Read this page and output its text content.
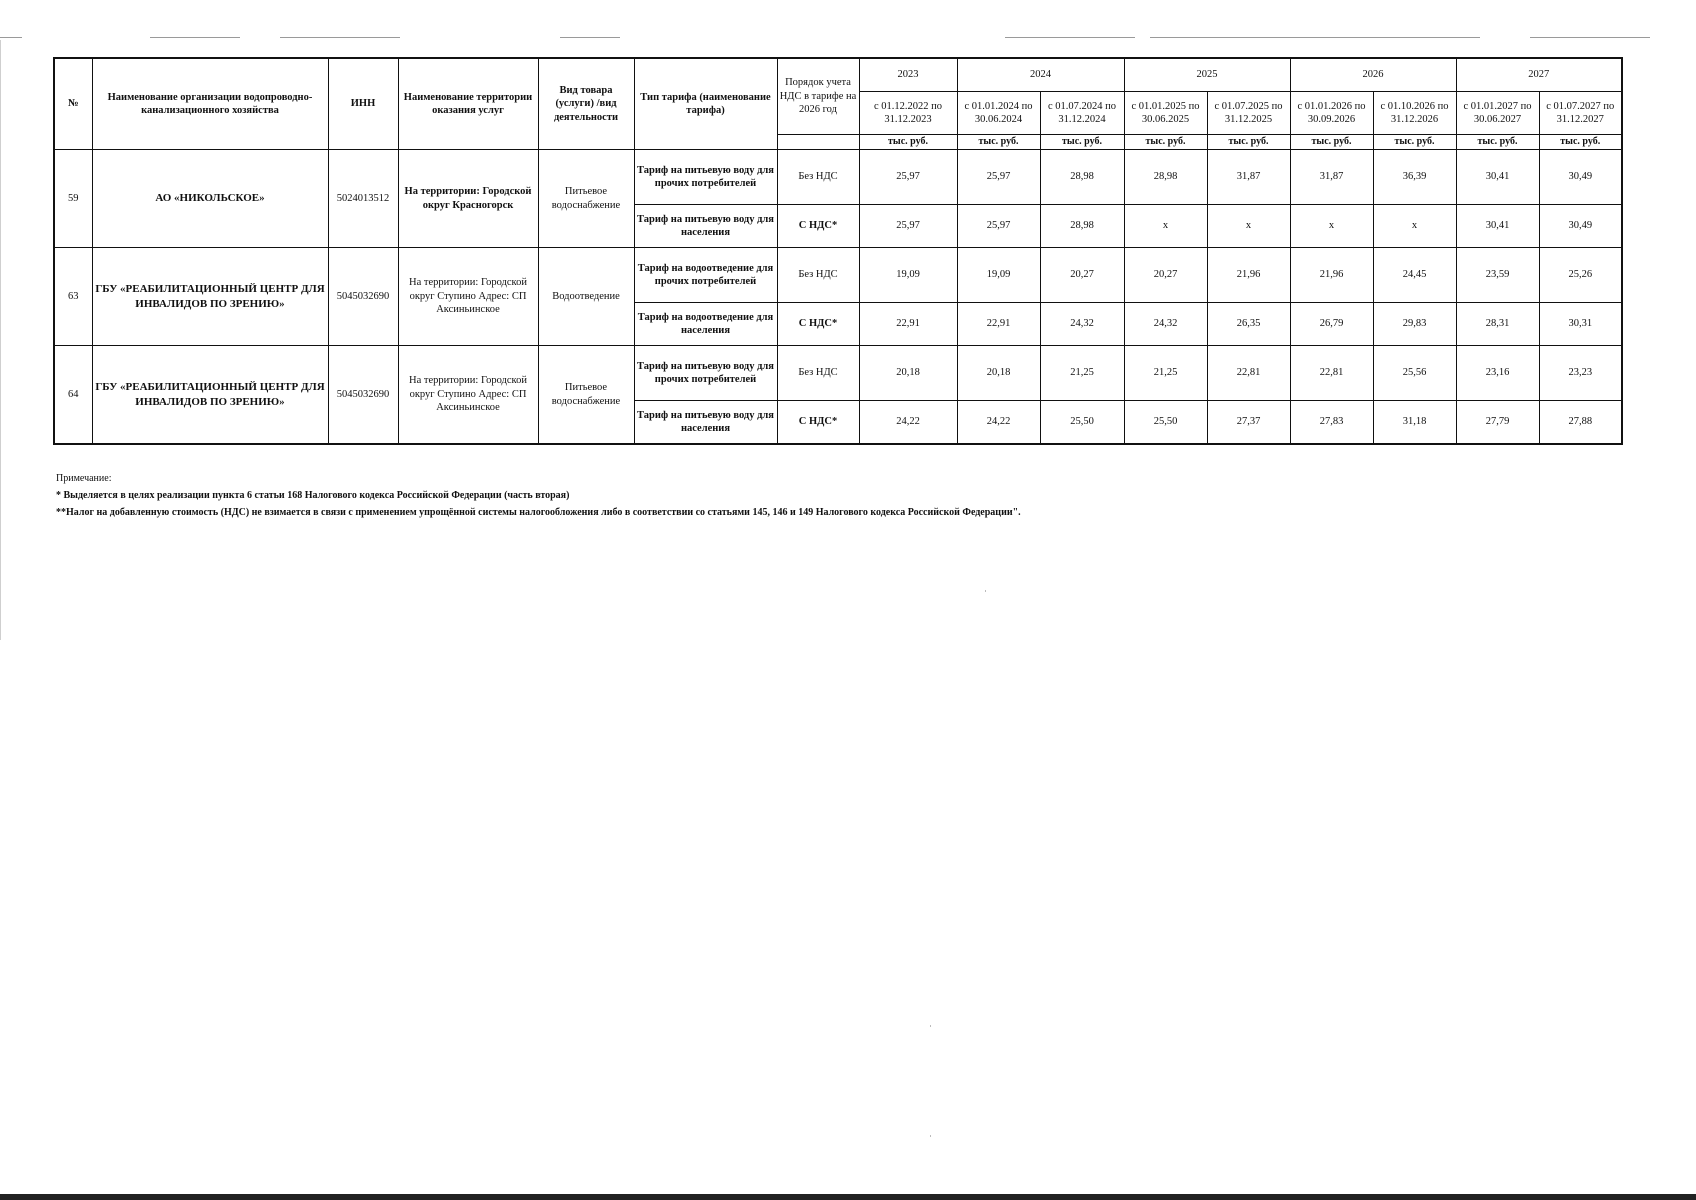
№	Наименование организации водопроводно-канализационного хозяйства	ИНН	Наименование территории оказания услуг	Вид товара (услуги) /вид деятельности	Тип тарифа (наименование тарифа)	Порядок учета НДС в тарифе на 2026 год	2023	2024		2025		2026		2027	
							с 01.12.2022 по 31.12.2023	с 01.01.2024 по 30.06.2024	с 01.07.2024 по 31.12.2024	с 01.01.2025 по 30.06.2025	с 01.07.2025 по 31.12.2025	с 01.01.2026 по 30.09.2026	с 01.10.2026 по 31.12.2026	с 01.01.2027 по 30.06.2027	с 01.07.2027 по 31.12.2027
							тыс. руб.	тыс. руб.	тыс. руб.	тыс. руб.	тыс. руб.	тыс. руб.	тыс. руб.	тыс. руб.	тыс. руб.
59	АО «НИКОЛЬСКОЕ»	5024013512	На территории: Городской округ Красногорск	Питьевое водоснабжение	Тариф на питьевую воду для прочих потребителей	Без НДС	25,97	25,97	28,98	28,98	31,87	31,87	36,39	30,41	30,49
					Тариф на питьевую воду для населения	С НДС*	25,97	25,97	28,98	x	x	x	x	30,41	30,49
63	ГБУ «РЕАБИЛИТАЦИОННЫЙ ЦЕНТР ДЛЯ ИНВАЛИДОВ ПО ЗРЕНИЮ»	5045032690	На территории: Городской округ Ступино Адрес: СП Аксиньинское	Водоотведение	Тариф на водоотведение для прочих потребителей	Без НДС	19,09	19,09	20,27	20,27	21,96	21,96	24,45	23,59	25,26
					Тариф на водоотведение для населения	С НДС*	22,91	22,91	24,32	24,32	26,35	26,79	29,83	28,31	30,31
64	ГБУ «РЕАБИЛИТАЦИОННЫЙ ЦЕНТР ДЛЯ ИНВАЛИДОВ ПО ЗРЕНИЮ»	5045032690	На территории: Городской округ Ступино Адрес: СП Аксиньинское	Питьевое водоснабжение	Тариф на питьевую воду для прочих потребителей	Без НДС	20,18	20,18	21,25	21,25	22,81	22,81	25,56	23,16	23,23
					Тариф на питьевую воду для населения	С НДС*	24,22	24,22	25,50	25,50	27,37	27,83	31,18	27,79	27,88
Примечание:
* Выделяется в целях реализации пункта 6 статьи 168 Налогового кодекса Российской Федерации (часть вторая)
**Налог на добавленную стоимость (НДС) не взимается в связи с применением упрощённой системы налогообложения либо в соответствии со статьями 145, 146 и 149 Налогового кодекса Российской Федерации".
